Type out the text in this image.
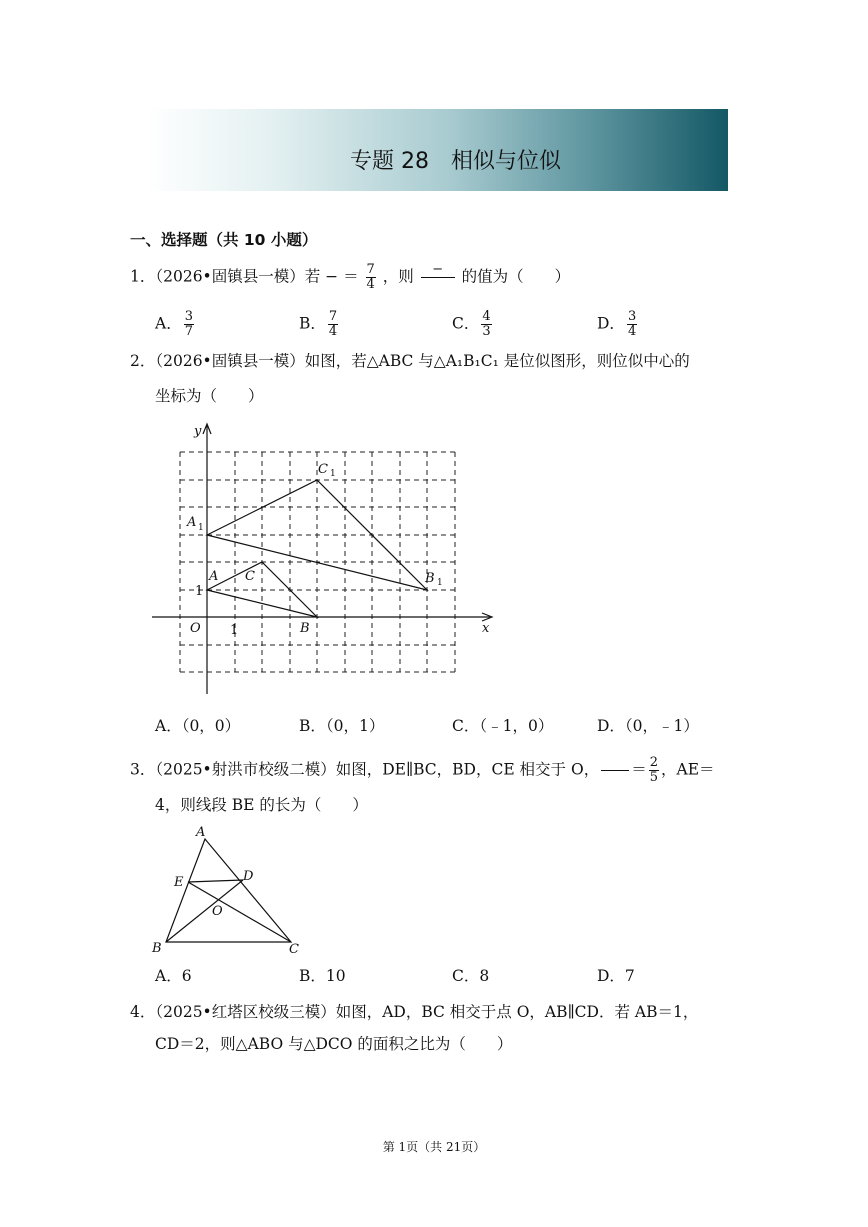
专题 28　相似与位似
一、选择题（共 10 小题）
1．（2026•固镇县一模）若 − ＝ $\frac{7}{4}$ ，则	−
	的值为（　　）
A． $\frac{3}{7}$	B． $\frac{7}{4}$	C． $\frac{4}{3}$	D． $\frac{3}{4}$
2．（2026•固镇县一模）如图，若△ABC 与△A₁B₁C₁ 是位似图形，则位似中心的
坐标为（　　）
y
x
O 1
1
A
B
C
A 1
C 1
B 1
A．（0，0）	B．（0，1）	C．（﹣1，0）	D．（0，﹣1）
3．（2025•射洪市校级二模）如图，DE∥BC，BD，CE 相交于 O，

＝ $\frac{2}{5}$ ，AE＝
4，则线段 BE 的长为（　　）
A
B	C
D
E
O
A．6	B．10	C．8	D．7
4．（2025•红塔区校级三模）如图，AD，BC 相交于点 O，AB∥CD．若 AB＝1，
CD＝2，则△ABO 与△DCO 的面积之比为（　　）
第 1页（共 21页）
